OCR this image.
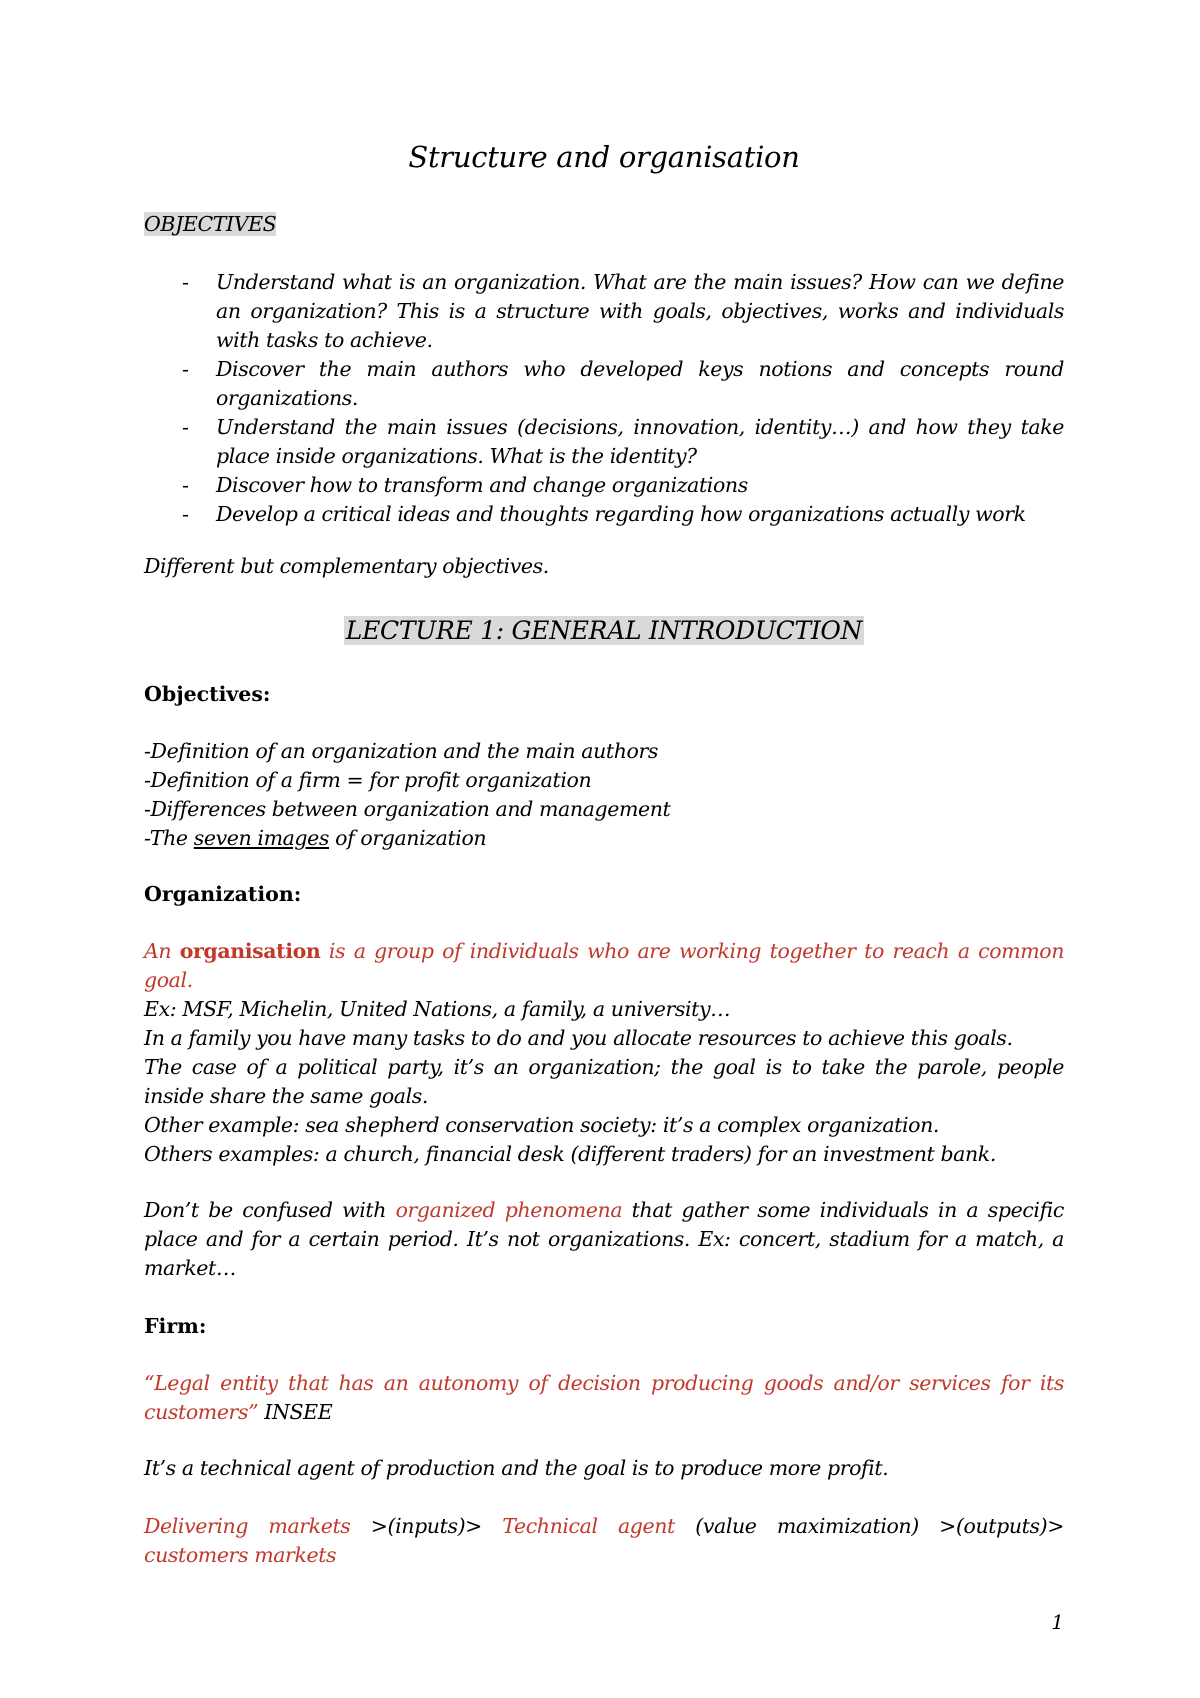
Structure and organisation
OBJECTIVES
- Understand what is an organization. What are the main issues? How can we define an organization? This is a structure with goals, objectives, works and individuals with tasks to achieve.
- Discover the main authors who developed keys notions and concepts round organizations.
- Understand the main issues (decisions, innovation, identity…) and how they take place inside organizations. What is the identity?
- Discover how to transform and change organizations
- Develop a critical ideas and thoughts regarding how organizations actually work
Different but complementary objectives.
LECTURE 1: GENERAL INTRODUCTION
Objectives:
-Definition of an organization and the main authors
-Definition of a firm = for profit organization
-Differences between organization and management
-The seven images of organization
Organization:
An organisation is a group of individuals who are working together to reach a common goal.
Ex: MSF, Michelin, United Nations, a family, a university…
In a family you have many tasks to do and you allocate resources to achieve this goals.
The case of a political party, it’s an organization; the goal is to take the parole, people inside share the same goals.
Other example: sea shepherd conservation society: it’s a complex organization.
Others examples: a church, financial desk (different traders) for an investment bank.
Don’t be confused with organized phenomena that gather some individuals in a specific place and for a certain period. It’s not organizations. Ex: concert, stadium for a match, a market…
Firm:
“Legal entity that has an autonomy of decision producing goods and/or services for its customers” INSEE
It’s a technical agent of production and the goal is to produce more profit.
Delivering markets >(inputs)> Technical agent (value maximization) >(outputs)> customers markets
1
